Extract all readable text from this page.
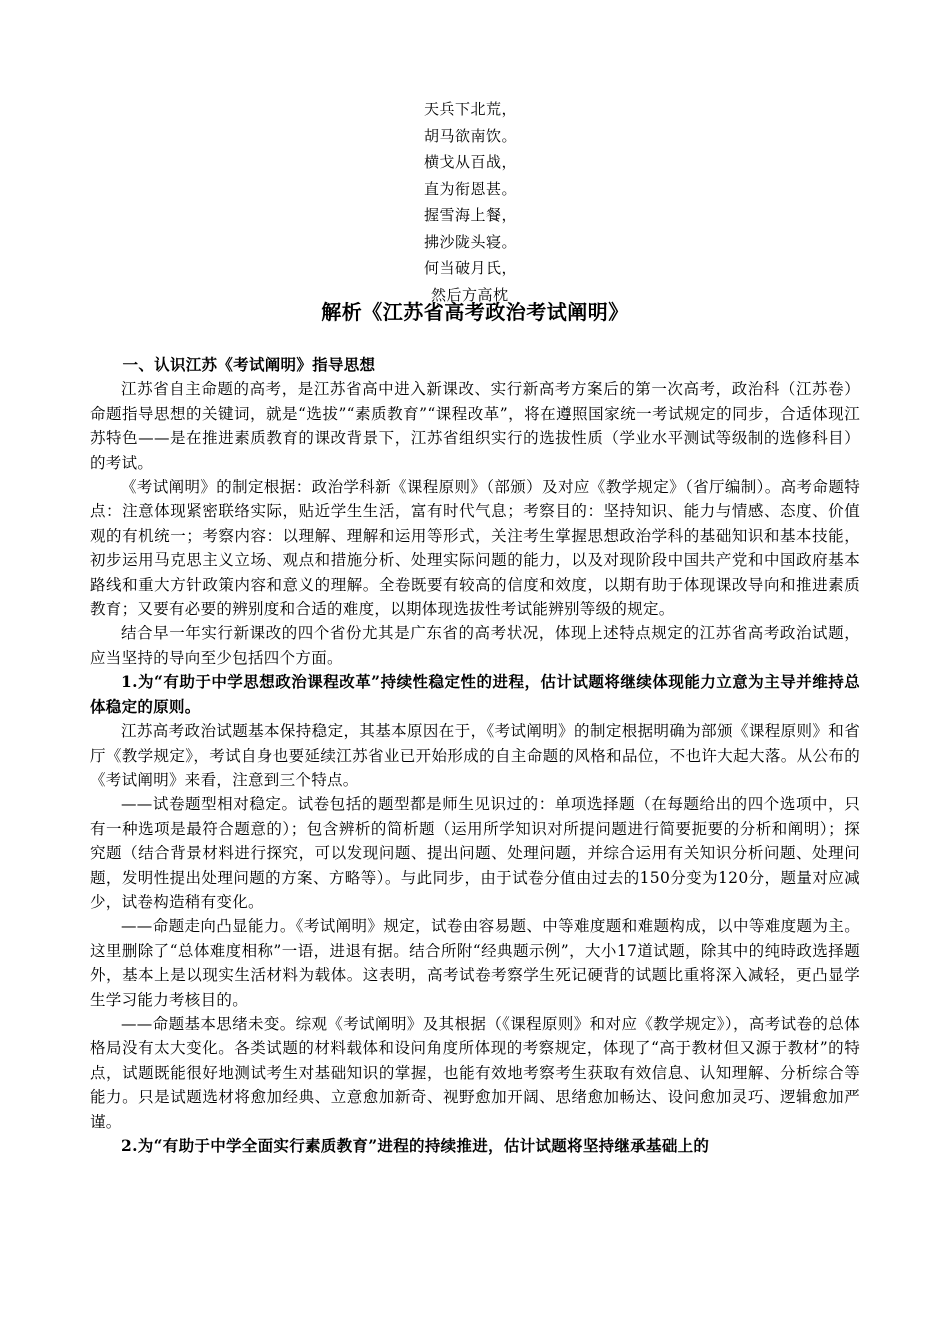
天兵下北荒，
胡马欲南饮。
横戈从百战，
直为衔恩甚。
握雪海上餐，
拂沙陇头寝。
何当破月氏，
然后方高枕
解析《江苏省高考政治考试阐明》

一、认识江苏《考试阐明》指导思想

江苏省自主命题的高考，是江苏省高中进入新课改、实行新高考方案后的第一次高考，政治科（江苏卷）命题指导思想的关键词，就是“选拔”“素质教育”“课程改革”，将在遵照国家统一考试规定的同步，合适体现江苏特色——是在推进素质教育的课改背景下，江苏省组织实行的选拔性质（学业水平测试等级制的选修科目）的考试。

《考试阐明》的制定根据：政治学科新《课程原则》（部颁）及对应《教学规定》（省厅编制）。高考命题特点：注意体现紧密联络实际，贴近学生生活，富有时代气息；考察目的：坚持知识、能力与情感、态度、价值观的有机统一；考察内容：以理解、理解和运用等形式，关注考生掌握思想政治学科的基础知识和基本技能，初步运用马克思主义立场、观点和措施分析、处理实际问题的能力，以及对现阶段中国共产党和中国政府基本路线和重大方针政策内容和意义的理解。全卷既要有较高的信度和效度，以期有助于体现课改导向和推进素质教育；又要有必要的辨别度和合适的难度，以期体现选拔性考试能辨别等级的规定。

结合早一年实行新课改的四个省份尤其是广东省的高考状况，体现上述特点规定的江苏省高考政治试题，应当坚持的导向至少包括四个方面。

1.为“有助于中学思想政治课程改革”持续性稳定性的进程，估计试题将继续体现能力立意为主导并维持总体稳定的原则。

江苏高考政治试题基本保持稳定，其基本原因在于，《考试阐明》的制定根据明确为部颁《课程原则》和省厅《教学规定》，考试自身也要延续江苏省业已开始形成的自主命题的风格和品位，不也许大起大落。从公布的《考试阐明》来看，注意到三个特点。

——试卷题型相对稳定。试卷包括的题型都是师生见识过的：单项选择题（在每题给出的四个选项中，只有一种选项是最符合题意的）；包含辨析的简析题（运用所学知识对所提问题进行简要扼要的分析和阐明）；探究题（结合背景材料进行探究，可以发现问题、提出问题、处理问题，并综合运用有关知识分析问题、处理问题，发明性提出处理问题的方案、方略等）。与此同步，由于试卷分值由过去的150分变为120分，题量对应减少，试卷构造稍有变化。

——命题走向凸显能力。《考试阐明》规定，试卷由容易题、中等难度题和难题构成，以中等难度题为主。这里删除了“总体难度相称”一语，进退有据。结合所附“经典题示例”，大小17道试题，除其中的纯時政选择题外，基本上是以现实生活材料为载体。这表明，高考试卷考察学生死记硬背的试题比重将深入减轻，更凸显学生学习能力考核目的。

——命题基本思绪未变。综观《考试阐明》及其根据（《课程原则》和对应《教学规定》），高考试卷的总体格局没有太大变化。各类试题的材料载体和设问角度所体现的考察规定，体现了“高于教材但又源于教材”的特点，试题既能很好地测试考生对基础知识的掌握，也能有效地考察考生获取有效信息、认知理解、分析综合等能力。只是试题选材将愈加经典、立意愈加新奇、视野愈加开阔、思绪愈加畅达、设问愈加灵巧、逻辑愈加严谨。

2.为“有助于中学全面实行素质教育”进程的持续推进，估计试题将坚持继承基础上的
